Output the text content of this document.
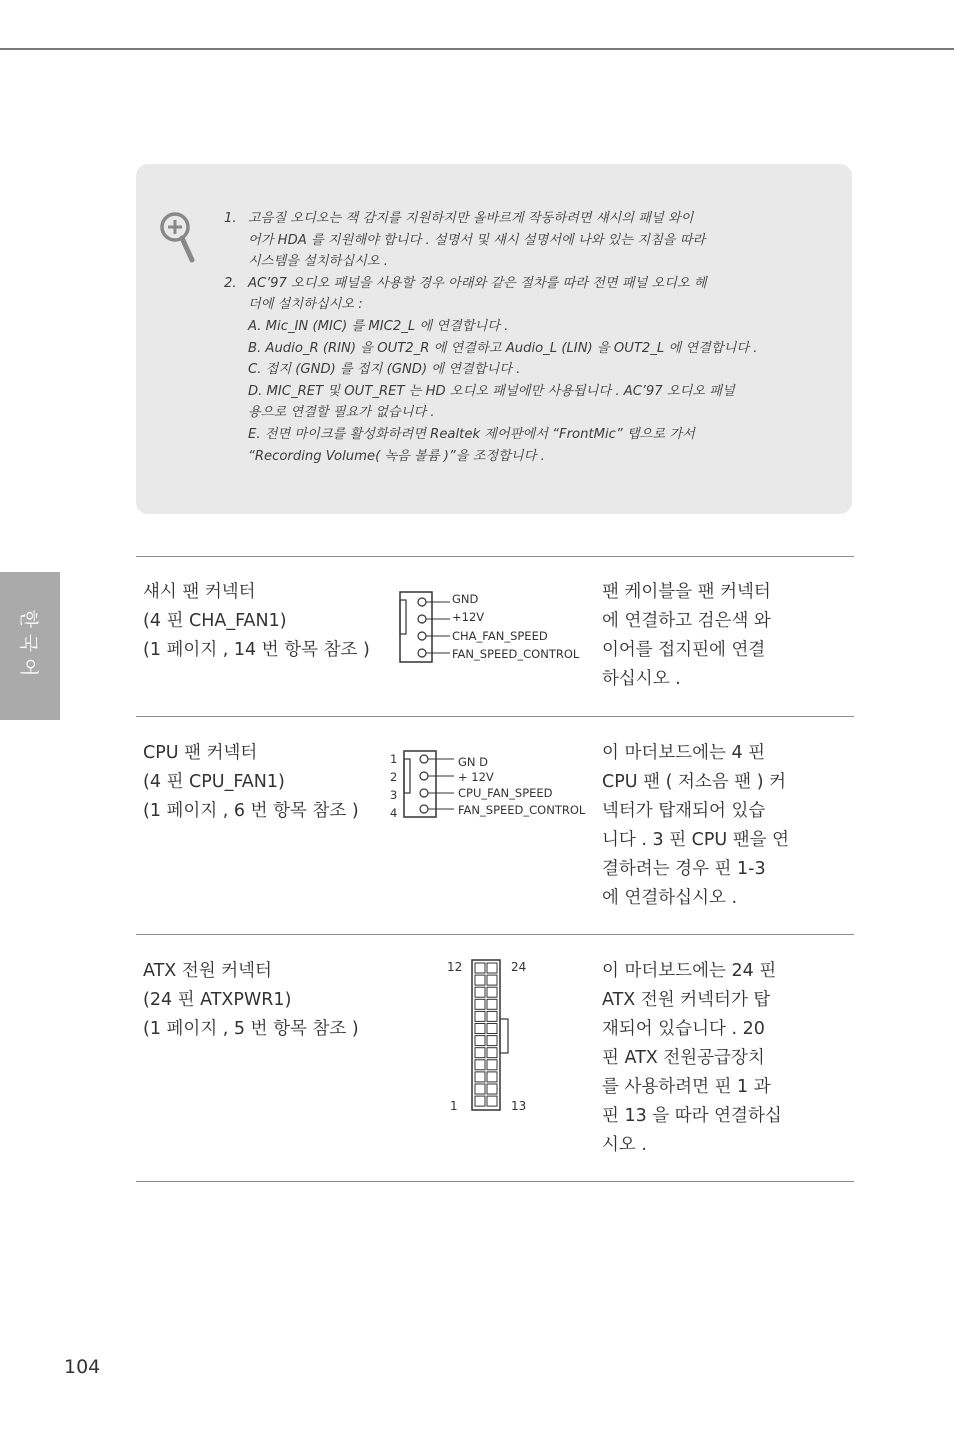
1. 고음질 오디오는 잭 감지를 지원하지만 올바르게 작동하려면 섀시의 패널 와이
어가 HDA 를 지원해야 합니다 . 설명서 및 섀시 설명서에 나와 있는 지침을 따라
시스템을 설치하십시오 .
2. AC’97 오디오 패널을 사용할 경우 아래와 같은 절차를 따라 전면 패널 오디오 헤
더에 설치하십시오 :
A. Mic_IN (MIC) 를 MIC2_L 에 연결합니다 .
B. Audio_R (RIN) 을 OUT2_R 에 연결하고 Audio_L (LIN) 을 OUT2_L 에 연결합니다 .
C. 접지 (GND) 를 접지 (GND) 에 연결합니다 .
D. MIC_RET 및 OUT_RET 는 HD 오디오 패널에만 사용됩니다 . AC’97 오디오 패널
용으로 연결할 필요가 없습니다 .
E. 전면 마이크를 활성화하려면 Realtek 제어판에서 “FrontMic” 탭으로 가서
“Recording Volume( 녹음 볼륨 )”을 조정합니다 .
한국어
섀시 팬 커넥터
(4 핀 CHA_FAN1)
(1 페이지 , 14 번 항목 참조 )
GND
+12V
CHA_FAN_SPEED
FAN_SPEED_CONTROL
팬 케이블을 팬 커넥터
에 연결하고 검은색 와
이어를 접지핀에 연결
하십시오 .
CPU 팬 커넥터
(4 핀 CPU_FAN1)
(1 페이지 , 6 번 항목 참조 )
1
2
3
4
GN D
+ 12V
CPU_FAN_SPEED
FAN_SPEED_CONTROL
이 마더보드에는 4 핀
CPU 팬 ( 저소음 팬 ) 커
넥터가 탑재되어 있습
니다 . 3 핀 CPU 팬을 연
결하려는 경우 핀 1-3
에 연결하십시오 .
ATX 전원 커넥터
(24 핀 ATXPWR1)
(1 페이지 , 5 번 항목 참조 )
12	24
1	13
이 마더보드에는 24 핀
ATX 전원 커넥터가 탑
재되어 있습니다 . 20
핀 ATX 전원공급장치
를 사용하려면 핀 1 과
핀 13 을 따라 연결하십
시오 .
104
